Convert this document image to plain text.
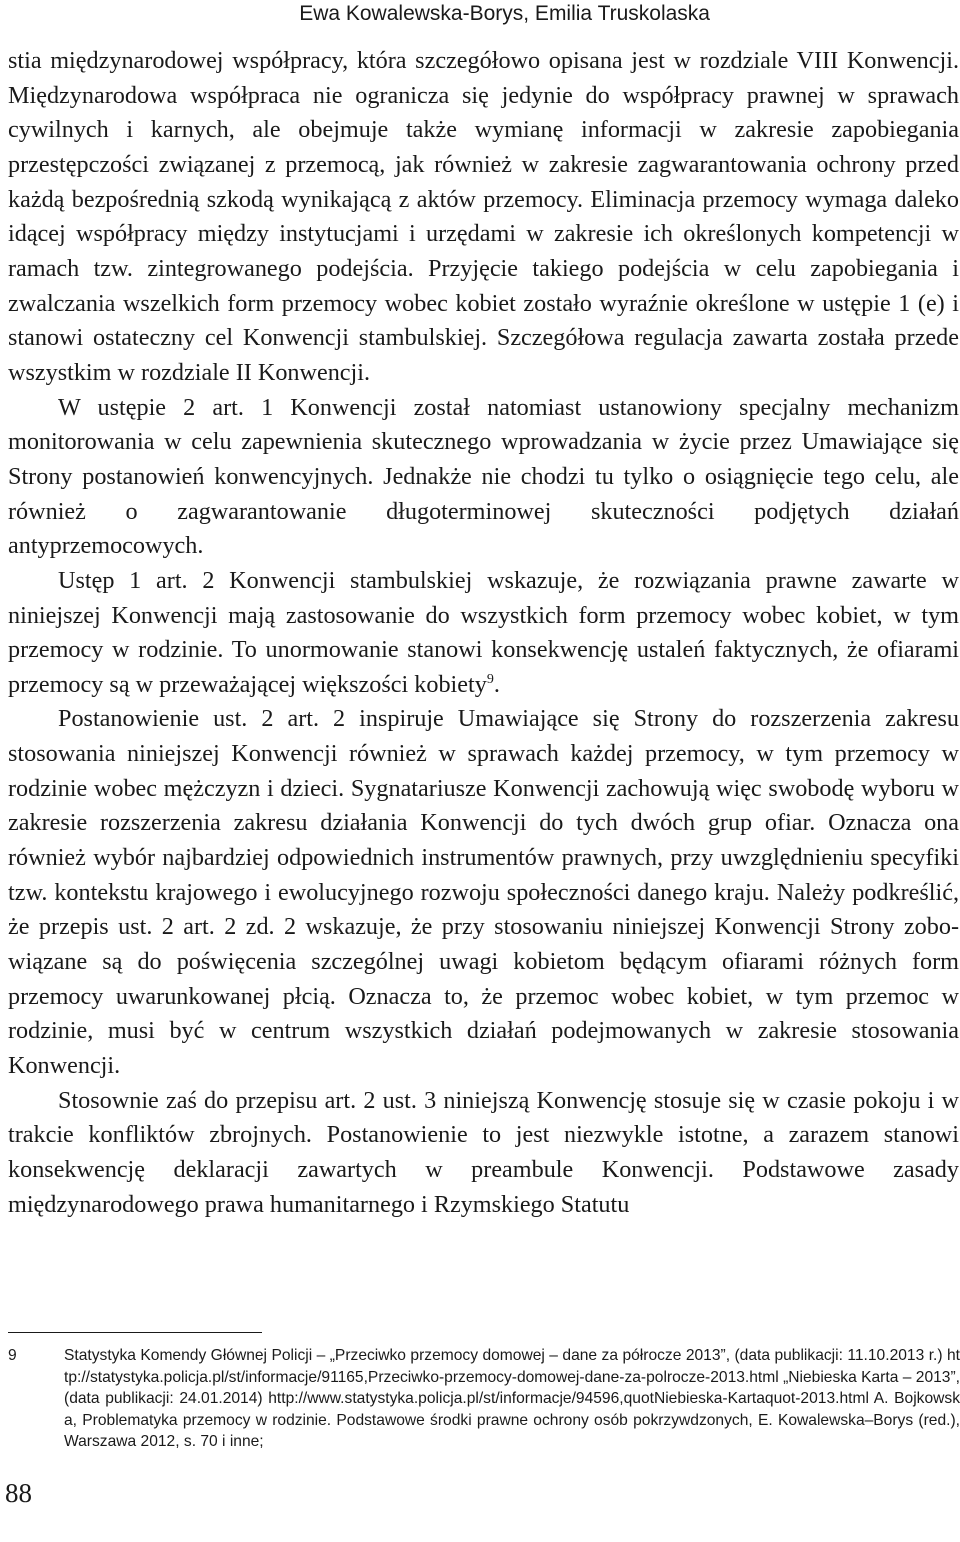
Ewa Kowalewska-Borys, Emilia Truskolaska

stia międzynarodowej współpracy, która szczegółowo opisana jest w rozdziale VIII Konwencji. Międzynarodowa współpraca nie ogranicza się jedynie do współpracy prawnej w sprawach cywilnych i karnych, ale obejmuje także wymianę informacji w zakresie zapobiegania przestępczości związanej z przemocą, jak również w zakresie zagwarantowania ochrony przed każdą bezpośrednią szkodą wynikającą z aktów przemocy. Eliminacja przemocy wymaga daleko idącej współpracy między instytucjami i urzędami w zakresie ich określonych kompetencji w ramach tzw. zintegrowanego podejścia. Przyjęcie takiego podejścia w celu zapobiegania i zwalczania wszelkich form przemocy wobec kobiet zostało wyraźnie określone w ustępie 1 (e) i stanowi ostateczny cel Konwencji stambulskiej. Szczegółowa regulacja zawarta została przede wszystkim w rozdziale II Konwencji.

W ustępie 2 art. 1 Konwencji został natomiast ustanowiony specjalny mechanizm monitorowania w celu zapewnienia skutecznego wprowadzania w życie przez Umawiające się Strony postanowień konwencyjnych. Jednakże nie chodzi tu tylko o osiągnięcie tego celu, ale również o zagwarantowanie długoterminowej skuteczności podjętych działań antyprzemocowych.

Ustęp 1 art. 2 Konwencji stambulskiej wskazuje, że rozwiązania prawne zawarte w niniejszej Konwencji mają zastosowanie do wszystkich form przemocy wobec kobiet, w tym przemocy w rodzinie. To unormowanie stanowi konsekwencję ustaleń faktycznych, że ofiarami przemocy są w przeważającej większości kobiety$^9$.

Postanowienie ust. 2 art. 2 inspiruje Umawiające się Strony do rozszerzenia zakresu stosowania niniejszej Konwencji również w sprawach każdej przemocy, w tym przemocy w rodzinie wobec mężczyzn i dzieci. Sygnatariusze Konwencji zachowują więc swobodę wyboru w zakresie rozszerzenia zakresu działania Konwencji do tych dwóch grup ofiar. Oznacza ona również wybór najbardziej odpowiednich instrumentów prawnych, przy uwzględnieniu specyfiki tzw. kontekstu krajowego i ewolucyjnego rozwoju społeczności danego kraju. Należy podkreślić, że przepis ust. 2 art. 2 zd. 2 wskazuje, że przy stosowaniu niniejszej Konwencji Strony zobowiązane są do poświęcenia szczególnej uwagi kobietom będącym ofiarami różnych form przemocy uwarunkowanej płcią. Oznacza to, że przemoc wobec kobiet, w tym przemoc w rodzinie, musi być w centrum wszystkich działań podejmowanych w zakresie stosowania Konwencji.

Stosownie zaś do przepisu art. 2 ust. 3 niniejszą Konwencję stosuje się w czasie pokoju i w trakcie konfliktów zbrojnych. Postanowienie to jest niezwykle istotne, a zarazem stanowi konsekwencję deklaracji zawartych w preambule Konwencji. Podstawowe zasady międzynarodowego prawa humanitarnego i Rzymskiego Statutu

9	Statystyka Komendy Głównej Policji – „Przeciwko przemocy domowej – dane za półrocze 2013”, (data publikacji: 11.10.2013 r.) http://statystyka.policja.pl/st/informacje/91165,Przeciwko-przemocy-domowej-dane-za-polrocze-2013.html „Niebieska Karta – 2013”, (data publikacji: 24.01.2014) http://www.statystyka.policja.pl/st/informacje/94596,quotNiebieska-Kartaquot-2013.html A. Bojkowska, Problematyka przemocy w rodzinie. Podstawowe środki prawne ochrony osób pokrzywdzonych, E. Kowalewska–Borys (red.), Warszawa 2012, s. 70 i inne;
88
